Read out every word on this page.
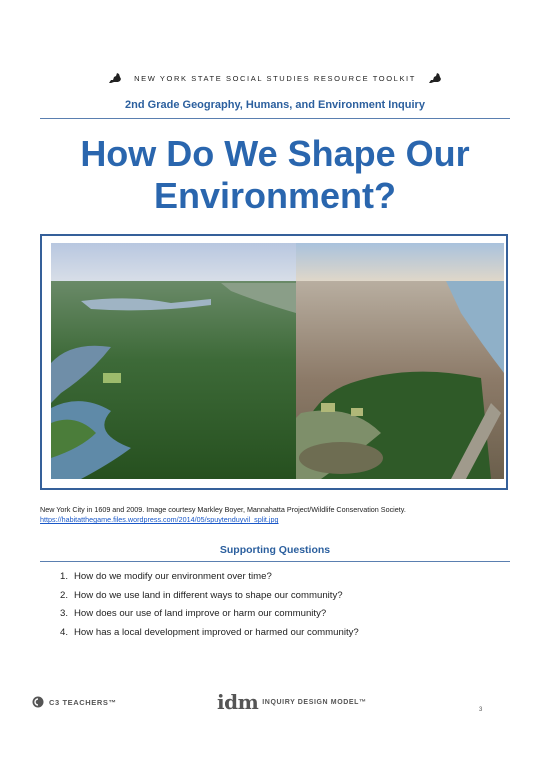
NEW YORK STATE SOCIAL STUDIES RESOURCE TOOLKIT
2nd Grade Geography, Humans, and Environment Inquiry
How Do We Shape Our
Environment?
New York City in 1609 and 2009. Image courtesy Markley Boyer, Mannahatta Project/Wildlife Conservation Society.
https://habitatthegame.files.wordpress.com/2014/05/spuytenduyvil_split.jpg
Supporting Questions
1. How do we modify our environment over time?
2. How do we use land in different ways to shape our community?
3. How does our use of land improve or harm our community?
4. How has a local development improved or harmed our community?
C3 TEACHERS™	idm INQUIRY DESIGN MODEL™
3
